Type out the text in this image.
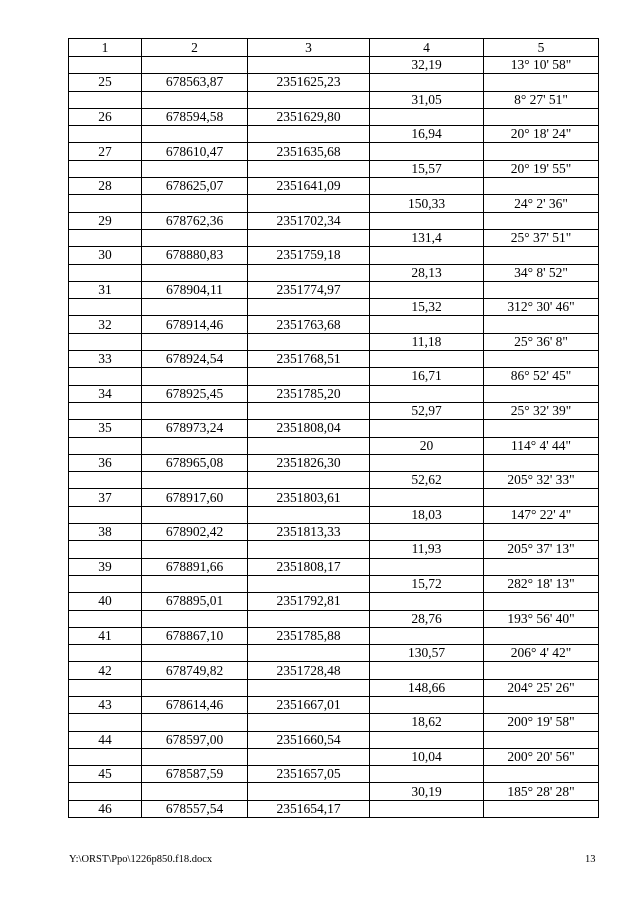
1	2	3	4	5
			32,19	13° 10' 58"
25	678563,87	2351625,23		
			31,05	8° 27' 51"
26	678594,58	2351629,80		
			16,94	20° 18' 24"
27	678610,47	2351635,68		
			15,57	20° 19' 55"
28	678625,07	2351641,09		
			150,33	24° 2' 36"
29	678762,36	2351702,34		
			131,4	25° 37' 51"
30	678880,83	2351759,18		
			28,13	34° 8' 52"
31	678904,11	2351774,97		
			15,32	312° 30' 46"
32	678914,46	2351763,68		
			11,18	25° 36' 8"
33	678924,54	2351768,51		
			16,71	86° 52' 45"
34	678925,45	2351785,20		
			52,97	25° 32' 39"
35	678973,24	2351808,04		
			20	114° 4' 44"
36	678965,08	2351826,30		
			52,62	205° 32' 33"
37	678917,60	2351803,61		
			18,03	147° 22' 4"
38	678902,42	2351813,33		
			11,93	205° 37' 13"
39	678891,66	2351808,17		
			15,72	282° 18' 13"
40	678895,01	2351792,81		
			28,76	193° 56' 40"
41	678867,10	2351785,88		
			130,57	206° 4' 42"
42	678749,82	2351728,48		
			148,66	204° 25' 26"
43	678614,46	2351667,01		
			18,62	200° 19' 58"
44	678597,00	2351660,54		
			10,04	200° 20' 56"
45	678587,59	2351657,05		
			30,19	185° 28' 28"
46	678557,54	2351654,17		
Y:\ORST\Ppo\1226p850.f18.docx	13
